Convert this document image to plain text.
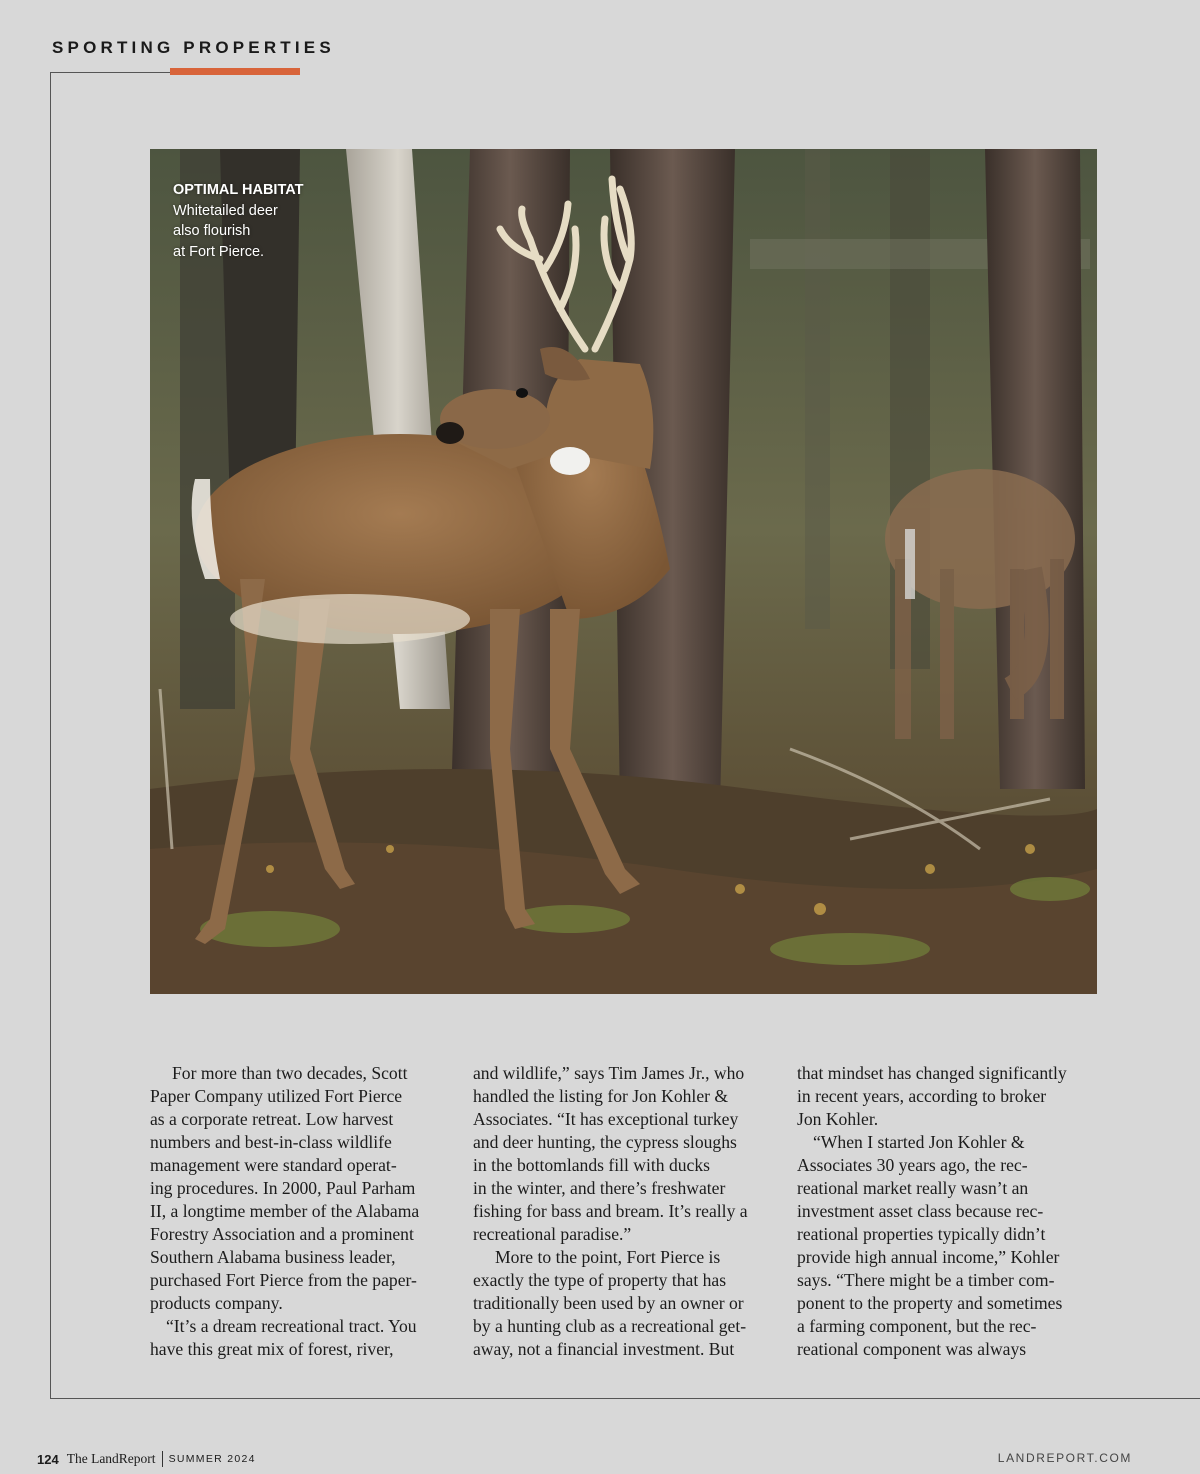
SPORTING PROPERTIES
OPTIMAL HABITAT
Whitetailed deer
also flourish
at Fort Pierce.
For more than two decades, Scott
Paper Company utilized Fort Pierce
as a corporate retreat. Low harvest
numbers and best-in-class wildlife
management were standard operat-
ing procedures. In 2000, Paul Parham
II, a longtime member of the Alabama
Forestry Association and a prominent
Southern Alabama business leader,
purchased Fort Pierce from the paper-
products company.
“It’s a dream recreational tract. You
have this great mix of forest, river,
and wildlife,” says Tim James Jr., who
handled the listing for Jon Kohler &
Associates. “It has exceptional turkey
and deer hunting, the cypress sloughs
in the bottomlands fill with ducks
in the winter, and there’s freshwater
fishing for bass and bream. It’s really a
recreational paradise.”
More to the point, Fort Pierce is
exactly the type of property that has
traditionally been used by an owner or
by a hunting club as a recreational get-
away, not a financial investment. But
that mindset has changed significantly
in recent years, according to broker
Jon Kohler.
“When I started Jon Kohler &
Associates 30 years ago, the rec-
reational market really wasn’t an
investment asset class because rec-
reational properties typically didn’t
provide high annual income,” Kohler
says. “There might be a timber com-
ponent to the property and sometimes
a farming component, but the rec-
reational component was always
124 The LandReport SUMMER 2024	LANDREPORT.COM
